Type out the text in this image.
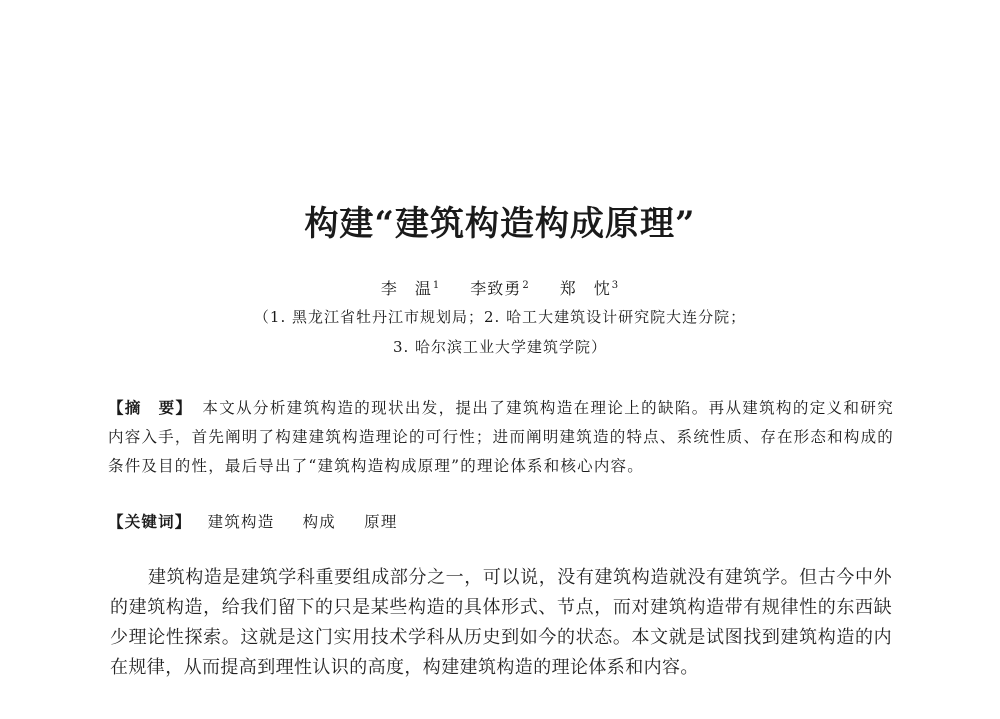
构建“建筑构造构成原理”
李　温$^1$ 李致勇$^2$ 郑　忱$^3$
（1. 黑龙江省牡丹江市规划局；2. 哈工大建筑设计研究院大连分院；
3. 哈尔滨工业大学建筑学院）
【摘　要】 本文从分析建筑构造的现状出发，提出了建筑构造在理论上的缺陷。再从建筑构的定义和研究内容入手，首先阐明了构建建筑构造理论的可行性；进而阐明建筑造的特点、系统性质、存在形态和构成的条件及目的性，最后导出了“建筑构造构成原理”的理论体系和核心内容。
【关键词】 建筑构造 构成 原理
建筑构造是建筑学科重要组成部分之一，可以说，没有建筑构造就没有建筑学。但古今中外的建筑构造，给我们留下的只是某些构造的具体形式、节点，而对建筑构造带有规律性的东西缺少理论性探索。这就是这门实用技术学科从历史到如今的状态。本文就是试图找到建筑构造的内在规律，从而提高到理性认识的高度，构建建筑构造的理论体系和内容。
